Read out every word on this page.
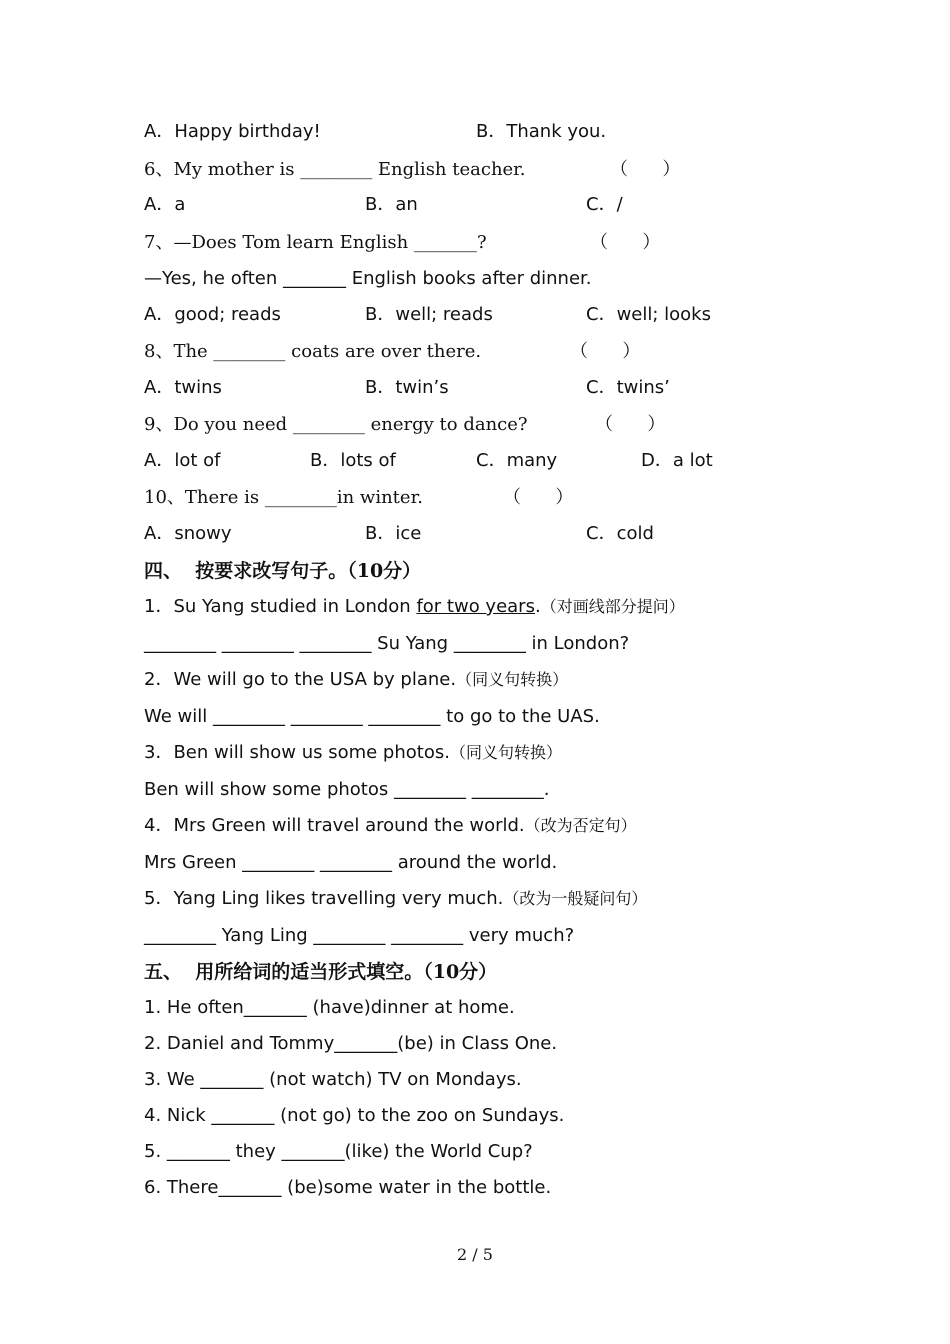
A．Happy birthday!	B．Thank you.
6、My mother is ________ English teacher.	（      ）
A．a	B．an	C．/
7、—Does Tom learn English _______?	（      ）
—Yes, he often _______ English books after dinner.
A．good; reads	B．well; reads	C．well; looks
8、The ________ coats are over there.	（      ）
A．twins	B．twin’s	C．twins’
9、Do you need ________ energy to dance?	（      ）
A．lot of	B．lots of	C．many	D．a lot
10、There is ________in winter.	（      ）
A．snowy	B．ice	C．cold
四、  按要求改写句子。（10分）
1．Su Yang studied in London for two years.（对画线部分提问）
________ ________ ________ Su Yang ________ in London?
2．We will go to the USA by plane.（同义句转换）
We will ________ ________ ________ to go to the UAS.
3．Ben will show us some photos.（同义句转换）
Ben will show some photos ________ ________.
4．Mrs Green will travel around the world.（改为否定句）
Mrs Green ________ ________ around the world.
5．Yang Ling likes travelling very much.（改为一般疑问句）
________ Yang Ling ________ ________ very much?
五、  用所给词的适当形式填空。（10分）
1. He often_______ (have)dinner at home.
2. Daniel and Tommy_______(be) in Class One.
3. We _______ (not watch) TV on Mondays.
4. Nick _______ (not go) to the zoo on Sundays.
5. _______ they _______(like) the World Cup?
6. There_______ (be)some water in the bottle.
2 / 5
